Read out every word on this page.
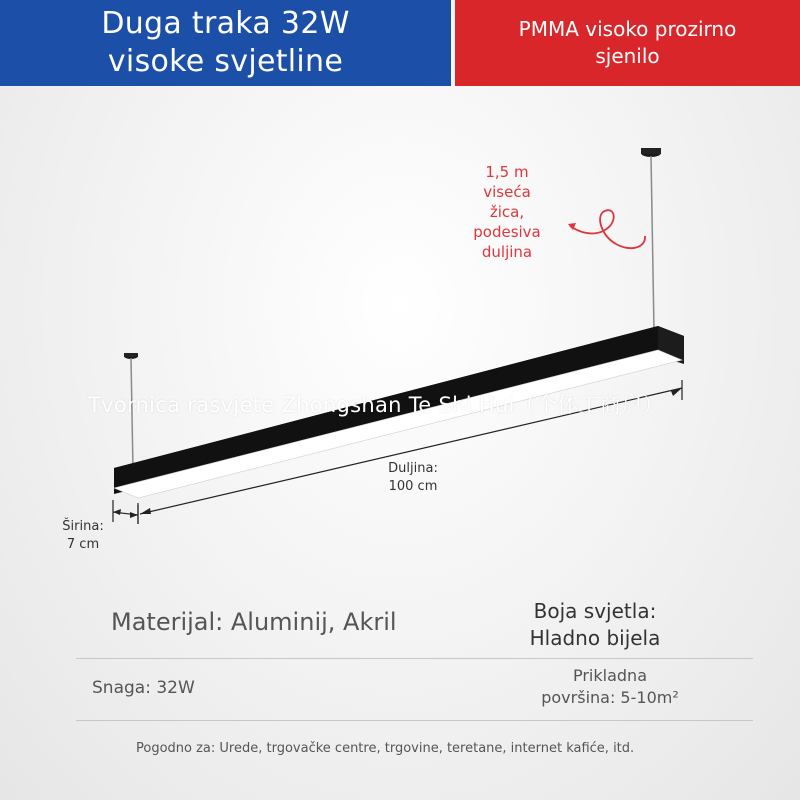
Duga traka 32W
visoke svjetline
PMMA visoko prozirno
sjenilo
1,5 m
viseća
žica,
podesiva
duljina
Tvornica rasvjete Zhongshan Te Shi Hui（个体工商户）
Duljina:
100 cm
Širina:
7 cm
Materijal: Aluminij, Akril	Boja svjetla:
Hladno bijela
Snaga: 32W
Prikladna
površina: 5-10m²
Pogodno za: Urede, trgovačke centre, trgovine, teretane, internet kafiće, itd.
